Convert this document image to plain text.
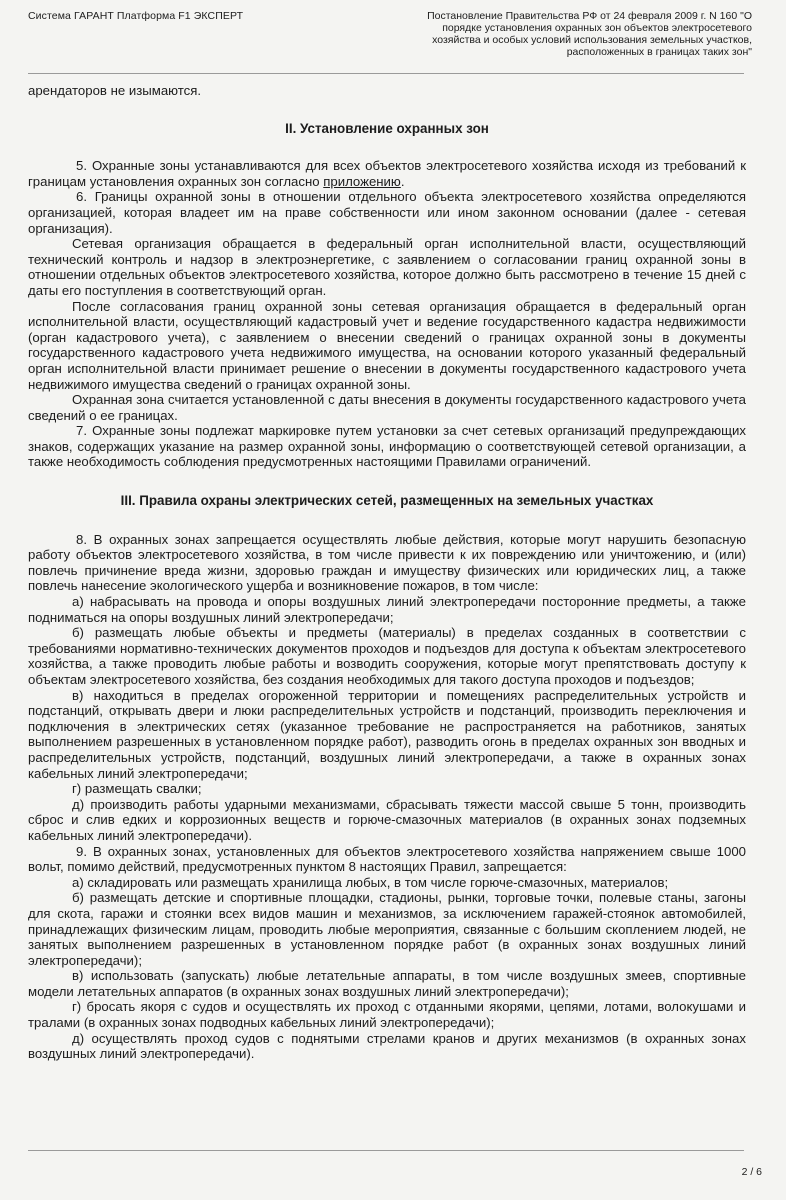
Система ГАРАНТ Платформа F1 ЭКСПЕРТ	Постановление Правительства РФ от 24 февраля 2009 г. N 160 "О порядке установления охранных зон объектов электросетевого хозяйства и особых условий использования земельных участков, расположенных в границах таких зон"

арендаторов не изымаются.

II. Установление охранных зон

5. Охранные зоны устанавливаются для всех объектов электросетевого хозяйства исходя из требований к границам установления охранных зон согласно приложению.

6. Границы охранной зоны в отношении отдельного объекта электросетевого хозяйства определяются организацией, которая владеет им на праве собственности или ином законном основании (далее - сетевая организация).

Сетевая организация обращается в федеральный орган исполнительной власти, осуществляющий технический контроль и надзор в электроэнергетике, с заявлением о согласовании границ охранной зоны в отношении отдельных объектов электросетевого хозяйства, которое должно быть рассмотрено в течение 15 дней с даты его поступления в соответствующий орган.

После согласования границ охранной зоны сетевая организация обращается в федеральный орган исполнительной власти, осуществляющий кадастровый учет и ведение государственного кадастра недвижимости (орган кадастрового учета), с заявлением о внесении сведений о границах охранной зоны в документы государственного кадастрового учета недвижимого имущества, на основании которого указанный федеральный орган исполнительной власти принимает решение о внесении в документы государственного кадастрового учета недвижимого имущества сведений о границах охранной зоны.

Охранная зона считается установленной с даты внесения в документы государственного кадастрового учета сведений о ее границах.

7. Охранные зоны подлежат маркировке путем установки за счет сетевых организаций предупреждающих знаков, содержащих указание на размер охранной зоны, информацию о соответствующей сетевой организации, а также необходимость соблюдения предусмотренных настоящими Правилами ограничений.

III. Правила охраны электрических сетей, размещенных на земельных участках

8. В охранных зонах запрещается осуществлять любые действия, которые могут нарушить безопасную работу объектов электросетевого хозяйства, в том числе привести к их повреждению или уничтожению, и (или) повлечь причинение вреда жизни, здоровью граждан и имуществу физических или юридических лиц, а также повлечь нанесение экологического ущерба и возникновение пожаров, в том числе:

а) набрасывать на провода и опоры воздушных линий электропередачи посторонние предметы, а также подниматься на опоры воздушных линий электропередачи;

б) размещать любые объекты и предметы (материалы) в пределах созданных в соответствии с требованиями нормативно-технических документов проходов и подъездов для доступа к объектам электросетевого хозяйства, а также проводить любые работы и возводить сооружения, которые могут препятствовать доступу к объектам электросетевого хозяйства, без создания необходимых для такого доступа проходов и подъездов;

в) находиться в пределах огороженной территории и помещениях распределительных устройств и подстанций, открывать двери и люки распределительных устройств и подстанций, производить переключения и подключения в электрических сетях (указанное требование не распространяется на работников, занятых выполнением разрешенных в установленном порядке работ), разводить огонь в пределах охранных зон вводных и распределительных устройств, подстанций, воздушных линий электропередачи, а также в охранных зонах кабельных линий электропередачи;

г) размещать свалки;

д) производить работы ударными механизмами, сбрасывать тяжести массой свыше 5 тонн, производить сброс и слив едких и коррозионных веществ и горюче-смазочных материалов (в охранных зонах подземных кабельных линий электропередачи).

9. В охранных зонах, установленных для объектов электросетевого хозяйства напряжением свыше 1000 вольт, помимо действий, предусмотренных пунктом 8 настоящих Правил, запрещается:

а) складировать или размещать хранилища любых, в том числе горюче-смазочных, материалов;

б) размещать детские и спортивные площадки, стадионы, рынки, торговые точки, полевые станы, загоны для скота, гаражи и стоянки всех видов машин и механизмов, за исключением гаражей-стоянок автомобилей, принадлежащих физическим лицам, проводить любые мероприятия, связанные с большим скоплением людей, не занятых выполнением разрешенных в установленном порядке работ (в охранных зонах воздушных линий электропередачи);

в) использовать (запускать) любые летательные аппараты, в том числе воздушных змеев, спортивные модели летательных аппаратов (в охранных зонах воздушных линий электропередачи);

г) бросать якоря с судов и осуществлять их проход с отданными якорями, цепями, лотами, волокушами и тралами (в охранных зонах подводных кабельных линий электропередачи);

д) осуществлять проход судов с поднятыми стрелами кранов и других механизмов (в охранных зонах воздушных линий электропередачи).

2 / 6
